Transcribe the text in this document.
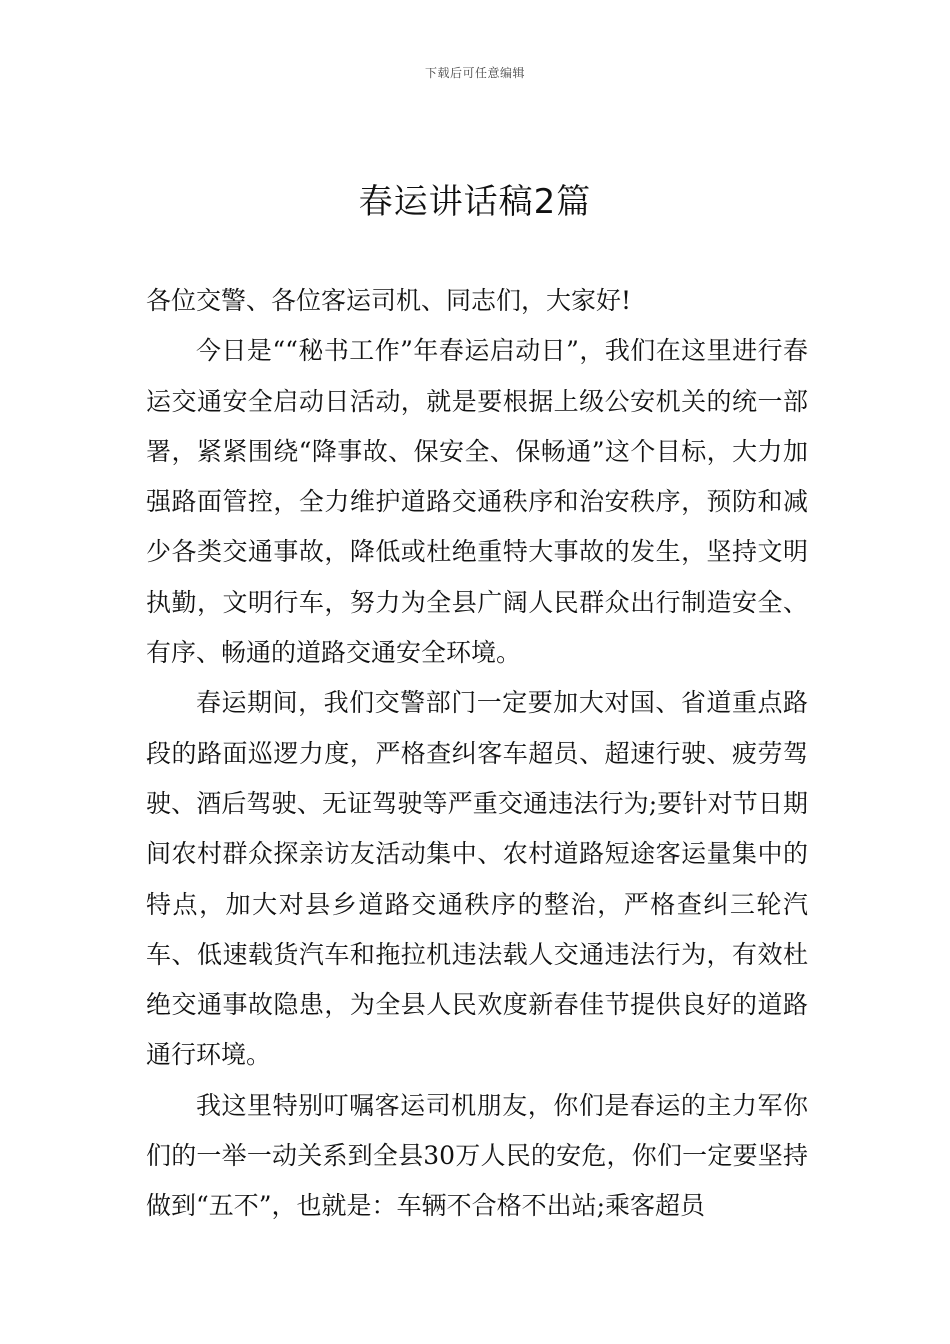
下载后可任意编辑
春运讲话稿2篇

各位交警、各位客运司机、同志们，大家好!

今日是““秘书工作”年春运启动日”，我们在这里进行春运交通安全启动日活动，就是要根据上级公安机关的统一部署，紧紧围绕“降事故、保安全、保畅通”这个目标，大力加强路面管控，全力维护道路交通秩序和治安秩序，预防和减少各类交通事故，降低或杜绝重特大事故的发生，坚持文明执勤，文明行车，努力为全县广阔人民群众出行制造安全、有序、畅通的道路交通安全环境。

春运期间，我们交警部门一定要加大对国、省道重点路段的路面巡逻力度，严格查纠客车超员、超速行驶、疲劳驾驶、酒后驾驶、无证驾驶等严重交通违法行为;要针对节日期间农村群众探亲访友活动集中、农村道路短途客运量集中的特点，加大对县乡道路交通秩序的整治，严格查纠三轮汽车、低速载货汽车和拖拉机违法载人交通违法行为，有效杜绝交通事故隐患，为全县人民欢度新春佳节提供良好的道路通行环境。

我这里特别叮嘱客运司机朋友，你们是春运的主力军你们的一举一动关系到全县30万人民的安危，你们一定要坚持做到“五不”，也就是：车辆不合格不出站;乘客超员
